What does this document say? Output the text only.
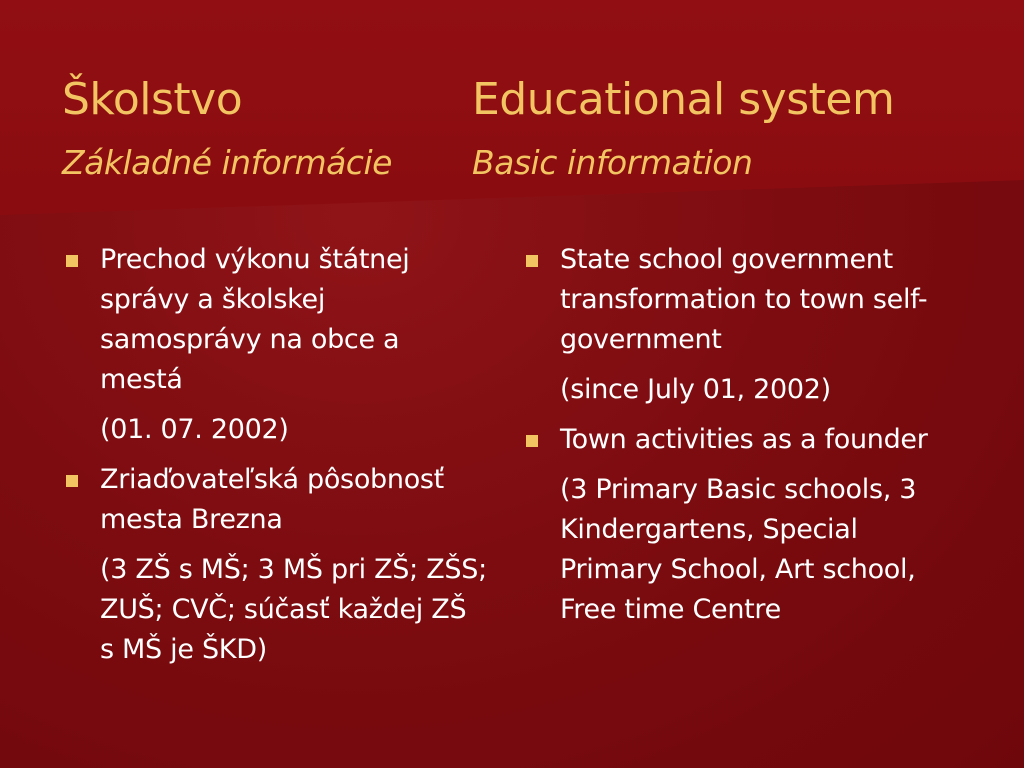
Školstvo	Educational system
Základné informácie Basic information
Prechod výkonu štátnej správy a školskej samosprávy na obce a mestá
(01. 07. 2002)
Zriaďovateľská pôsobnosť mesta Brezna
(3 ZŠ s MŠ; 3 MŠ pri ZŠ; ZŠS; ZUŠ; CVČ; súčasť každej ZŠ s MŠ je ŠKD)
State school government transformation to town self-government
(since July 01, 2002)
Town activities as a founder
(3 Primary Basic schools, 3 Kindergartens, Special Primary School, Art school, Free time Centre
